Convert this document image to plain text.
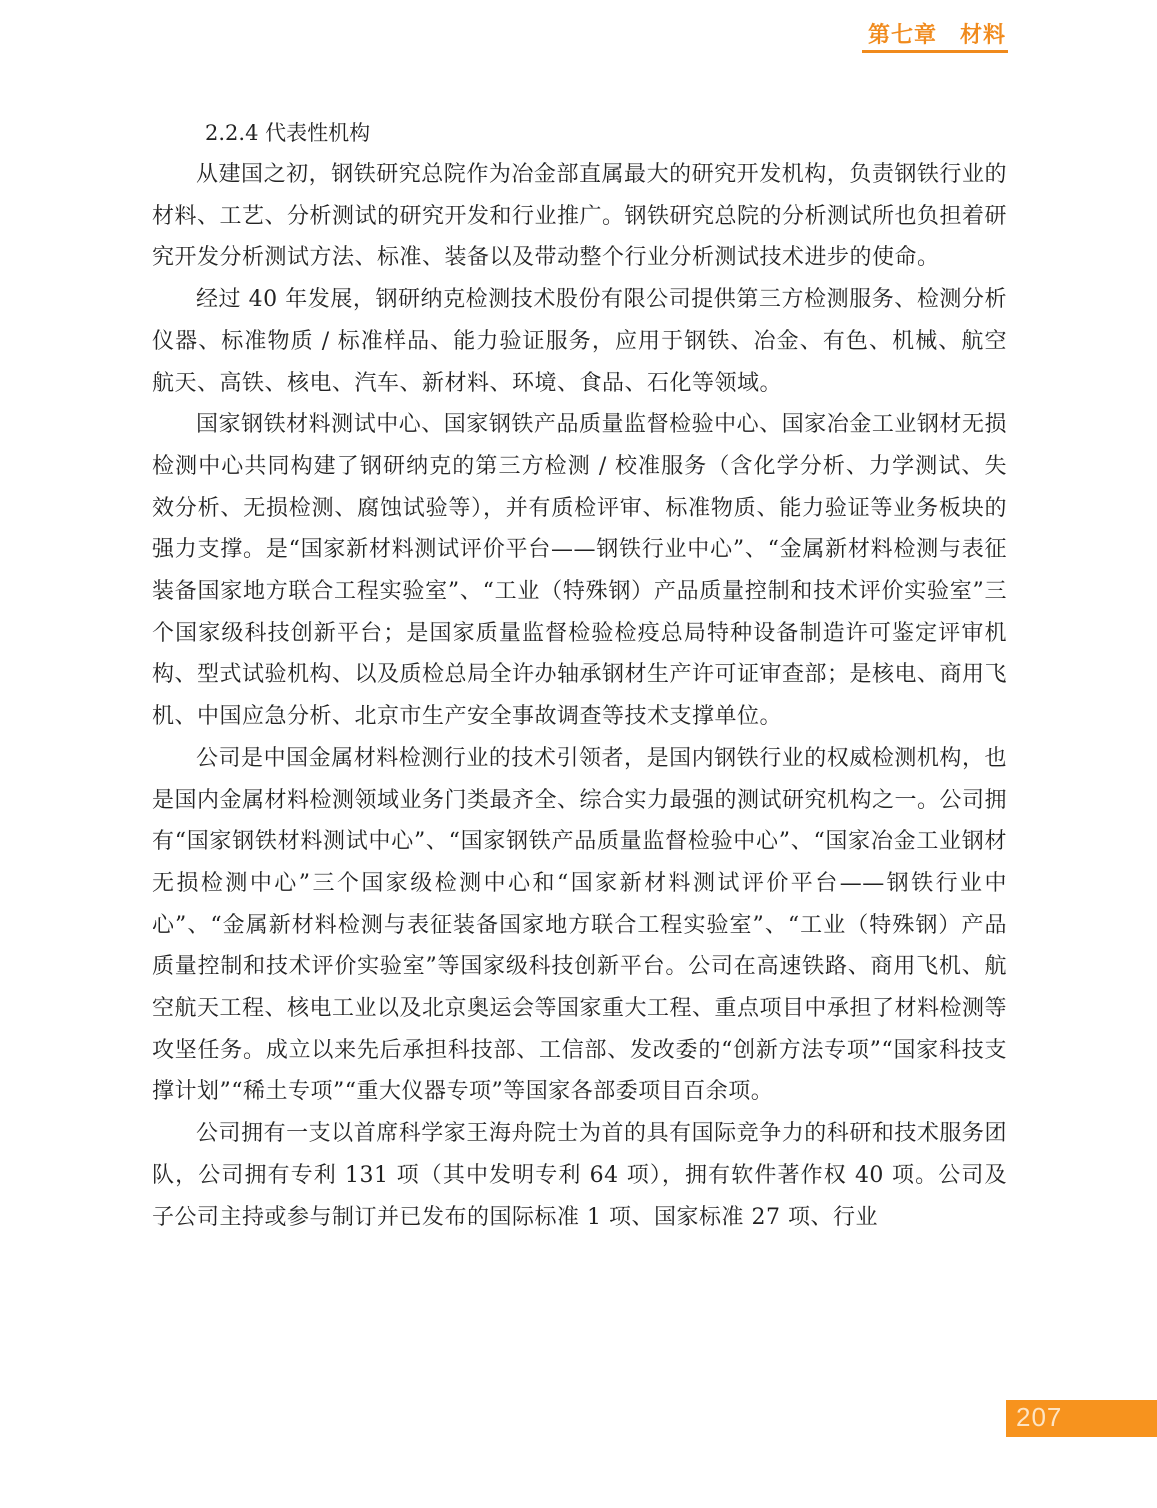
第七章　材料
2.2.4 代表性机构

从建国之初，钢铁研究总院作为冶金部直属最大的研究开发机构，负责钢铁行业的材料、工艺、分析测试的研究开发和行业推广。钢铁研究总院的分析测试所也负担着研究开发分析测试方法、标准、装备以及带动整个行业分析测试技术进步的使命。

经过 40 年发展，钢研纳克检测技术股份有限公司提供第三方检测服务、检测分析仪器、标准物质 / 标准样品、能力验证服务，应用于钢铁、冶金、有色、机械、航空航天、高铁、核电、汽车、新材料、环境、食品、石化等领域。

国家钢铁材料测试中心、国家钢铁产品质量监督检验中心、国家冶金工业钢材无损检测中心共同构建了钢研纳克的第三方检测 / 校准服务（含化学分析、力学测试、失效分析、无损检测、腐蚀试验等），并有质检评审、标准物质、能力验证等业务板块的强力支撑。是“国家新材料测试评价平台——钢铁行业中心”、“金属新材料检测与表征装备国家地方联合工程实验室”、“工业（特殊钢）产品质量控制和技术评价实验室”三个国家级科技创新平台；是国家质量监督检验检疫总局特种设备制造许可鉴定评审机构、型式试验机构、以及质检总局全许办轴承钢材生产许可证审查部；是核电、商用飞机、中国应急分析、北京市生产安全事故调查等技术支撑单位。

公司是中国金属材料检测行业的技术引领者，是国内钢铁行业的权威检测机构，也是国内金属材料检测领域业务门类最齐全、综合实力最强的测试研究机构之一。公司拥有“国家钢铁材料测试中心”、“国家钢铁产品质量监督检验中心”、“国家冶金工业钢材无损检测中心”三个国家级检测中心和“国家新材料测试评价平台——钢铁行业中心”、“金属新材料检测与表征装备国家地方联合工程实验室”、“工业（特殊钢）产品质量控制和技术评价实验室”等国家级科技创新平台。公司在高速铁路、商用飞机、航空航天工程、核电工业以及北京奥运会等国家重大工程、重点项目中承担了材料检测等攻坚任务。成立以来先后承担科技部、工信部、发改委的“创新方法专项”“国家科技支撑计划”“稀土专项”“重大仪器专项”等国家各部委项目百余项。

公司拥有一支以首席科学家王海舟院士为首的具有国际竞争力的科研和技术服务团队，公司拥有专利 131 项（其中发明专利 64 项），拥有软件著作权 40 项。公司及子公司主持或参与制订并已发布的国际标准 1 项、国家标准 27 项、行业

207
